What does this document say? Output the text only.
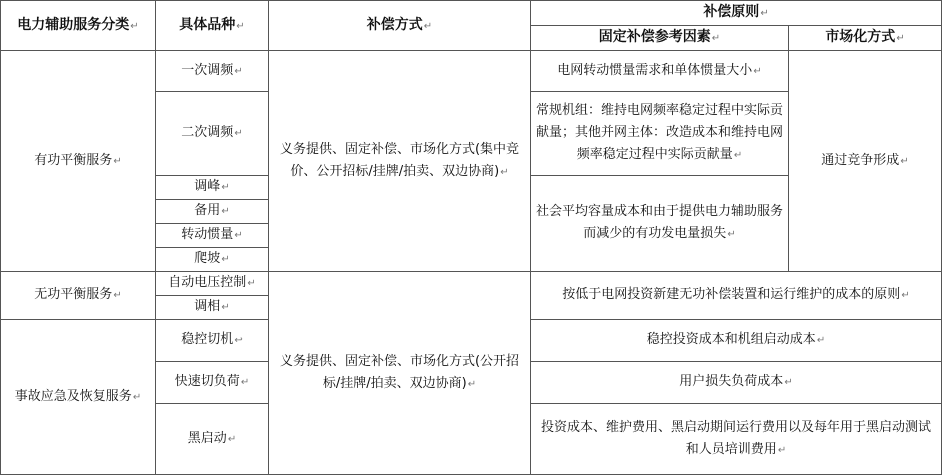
电力辅助服务分类↵	具体品种↵	补偿方式↵	补偿原则↵	
			固定补偿参考因素↵	市场化方式↵
有功平衡服务↵	一次调频↵	义务提供、固定补偿、市场化方式(集中竞价、公开招标/挂牌/拍卖、双边协商)↵	电网转动惯量需求和单体惯量大小↵	通过竞争形成↵
	二次调频↵		常规机组：维持电网频率稳定过程中实际贡献量；其他并网主体：改造成本和维持电网频率稳定过程中实际贡献量↵	
	调峰↵		社会平均容量成本和由于提供电力辅助服务而减少的有功发电量损失↵	
	备用↵			
	转动惯量↵			
	爬坡↵			
无功平衡服务↵	自动电压控制↵	义务提供、固定补偿、市场化方式(公开招标/挂牌/拍卖、双边协商)↵	按低于电网投资新建无功补偿装置和运行维护的成本的原则↵	
	调相↵			
事故应急及恢复服务↵	稳控切机↩		稳控投资成本和机组启动成本↵	
	快速切负荷↵		用户损失负荷成本↵	
	黑启动↵		投资成本、维护费用、黑启动期间运行费用以及每年用于黑启动测试和人员培训费用↵	
